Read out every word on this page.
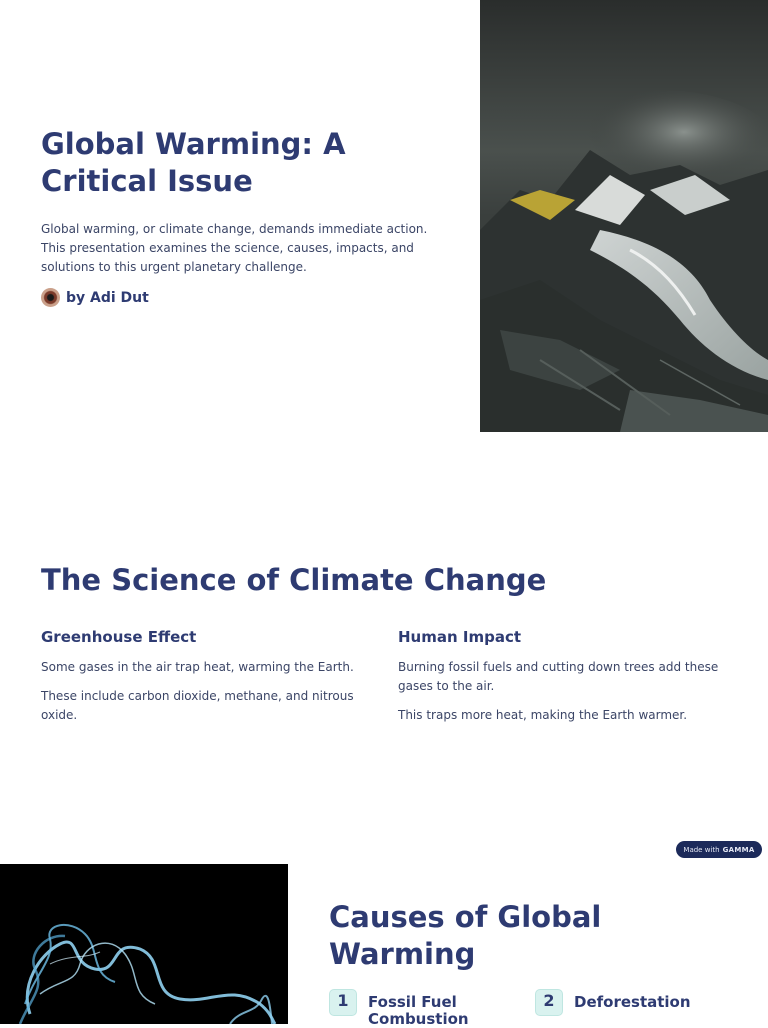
Global Warming: A Critical Issue
Global warming, or climate change, demands immediate action. This presentation examines the science, causes, impacts, and solutions to this urgent planetary challenge.
by Adi Dut
The Science of Climate Change
Greenhouse Effect

Some gases in the air trap heat, warming the Earth.

These include carbon dioxide, methane, and nitrous oxide.

Human Impact

Burning fossil fuels and cutting down trees add these gases to the air.

This traps more heat, making the Earth warmer.

Made with GAMMA
Causes of Global Warming
1	Fossil Fuel Combustion
2	Deforestation
